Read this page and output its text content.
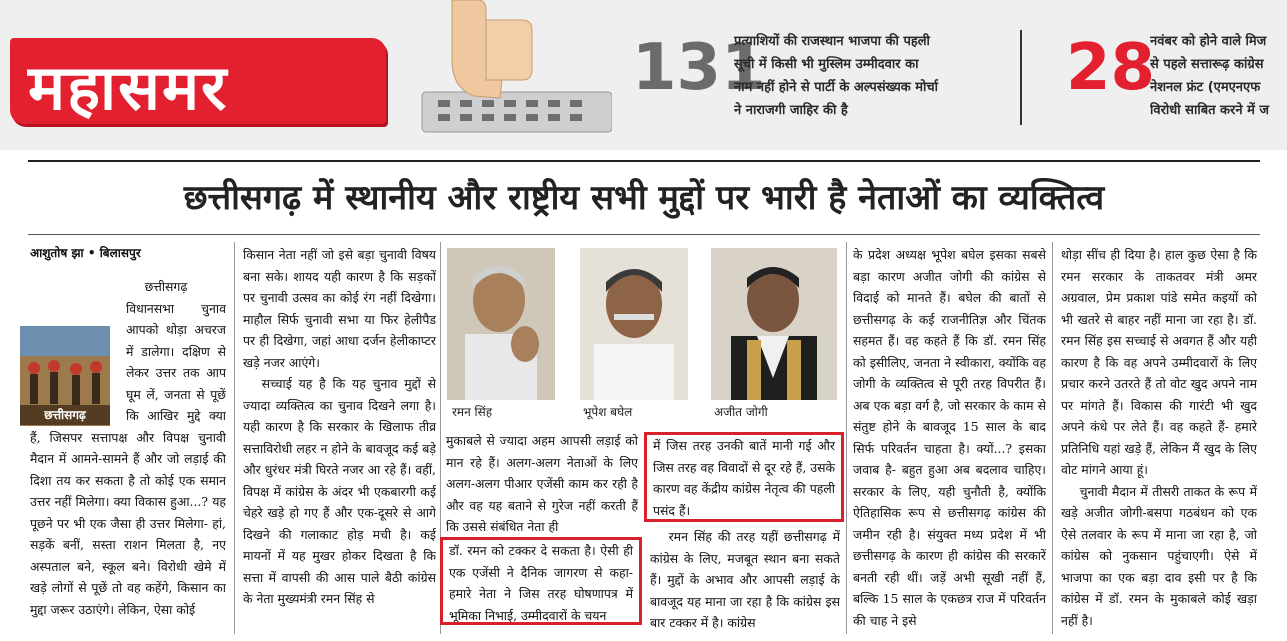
महासमर	131
प्रत्याशियों की राजस्थान भाजपा की पहली
सूची में किसी भी मुस्लिम उम्मीदवार का
नाम नहीं होने से पार्टी के अल्पसंख्यक मोर्चा
ने नाराजगी जाहिर की है
28
नवंबर को होने वाले मिज
से पहले सत्तारूढ़ कांग्रेस
नेशनल फ्रंट (एमएनएफ
विरोधी साबित करने में ज
छत्तीसगढ़ में स्थानीय और राष्ट्रीय सभी मुद्दों पर भारी है नेताओं का व्यक्तित्व
आशुतोष झा • बिलासपुर

छत्तीसगढ़ विधानसभा चुनाव आपको थोड़ा अचरज में डालेगा। दक्षिण से लेकर उत्तर तक आप घूम लें, जनता से पूछें कि आखिर मुद्दे क्या हैं, जिसपर सत्तापक्ष और विपक्ष चुनावी मैदान में आमने-सामने हैं और जो लड़ाई की दिशा तय कर सकता है तो कोई एक समान उत्तर नहीं मिलेगा। क्या विकास हुआ...? यह पूछने पर भी एक जैसा ही उत्तर मिलेगा- हां, सड़कें बनीं, सस्ता राशन मिलता है, नए अस्पताल बने, स्कूल बने। विरोधी खेमे में खड़े लोगों से पूछें तो वह कहेंगे, किसान का मुद्दा जरूर उठाएंगे। लेकिन, ऐसा कोई

छत्तीसगढ़

किसान नेता नहीं जो इसे बड़ा चुनावी विषय बना सके। शायद यही कारण है कि सड़कों पर चुनावी उत्सव का कोई रंग नहीं दिखेगा। माहौल सिर्फ चुनावी सभा या फिर हेलीपैड पर ही दिखेगा, जहां आधा दर्जन हेलीकाप्टर खड़े नजर आएंगे।

सच्चाई यह है कि यह चुनाव मुद्दों से ज्यादा व्यक्तित्व का चुनाव दिखने लगा है। यही कारण है कि सरकार के खिलाफ तीव्र सत्ताविरोधी लहर न होने के बावजूद कई बड़े और धुरंधर मंत्री घिरते नजर आ रहे हैं। वहीं, विपक्ष में कांग्रेस के अंदर भी एकबारगी कई चेहरे खड़े हो गए हैं और एक-दूसरे से आगे दिखने की गलाकाट होड़ मची है। कई मायनों में यह मुखर होकर दिखता है कि सत्ता में वापसी की आस पाले बैठी कांग्रेस के नेता मुख्यमंत्री रमन सिंह से

रमन सिंह	भूपेश बघेल	अजीत जोगी

मुकाबले से ज्यादा अहम आपसी लड़ाई को मान रहे हैं। अलग-अलग नेताओं के लिए अलग-अलग पीआर एजेंसी काम कर रही है और वह यह बताने से गुरेज नहीं करती हैं कि उससे संबंधित नेता ही

डॉ. रमन को टक्कर दे सकता है। ऐसी ही एक एजेंसी ने दैनिक जागरण से कहा- हमारे नेता ने जिस तरह घोषणापत्र में भूमिका निभाई, उम्मीदवारों के चयन
में जिस तरह उनकी बातें मानी गई और जिस तरह वह विवादों से दूर रहे हैं, उसके कारण वह केंद्रीय कांग्रेस नेतृत्व की पहली पसंद हैं।

रमन सिंह की तरह यहीं छत्तीसगढ़ में कांग्रेस के लिए, मजबूत स्थान बना सकते हैं। मुद्दों के अभाव और आपसी लड़ाई के बावजूद यह माना जा रहा है कि कांग्रेस इस बार टक्कर में है। कांग्रेस

के प्रदेश अध्यक्ष भूपेश बघेल इसका सबसे बड़ा कारण अजीत जोगी की कांग्रेस से विदाई को मानते हैं। बघेल की बातों से छत्तीसगढ़ के कई राजनीतिज्ञ और चिंतक सहमत हैं। वह कहते हैं कि डॉ. रमन सिंह को इसीलिए, जनता ने स्वीकारा, क्योंकि वह जोगी के व्यक्तित्व से पूरी तरह विपरीत हैं। अब एक बड़ा वर्ग है, जो सरकार के काम से संतुष्ट होने के बावजूद 15 साल के बाद सिर्फ परिवर्तन चाहता है। क्यों...? इसका जवाब है- बहुत हुआ अब बदलाव चाहिए। सरकार के लिए, यही चुनौती है, क्योंकि ऐतिहासिक रूप से छत्तीसगढ़ कांग्रेस की जमीन रही है। संयुक्त मध्य प्रदेश में भी छत्तीसगढ़ के कारण ही कांग्रेस की सरकारें बनती रही थीं। जड़ें अभी सूखी नहीं हैं, बल्कि 15 साल के एकछत्र राज में परिवर्तन की चाह ने इसे

थोड़ा सींच ही दिया है। हाल कुछ ऐसा है कि रमन सरकार के ताकतवर मंत्री अमर अग्रवाल, प्रेम प्रकाश पांडे समेत कइयों को भी खतरे से बाहर नहीं माना जा रहा है। डॉ. रमन सिंह इस सच्चाई से अवगत हैं और यही कारण है कि वह अपने उम्मीदवारों के लिए प्रचार करने उतरते हैं तो वोट खुद अपने नाम पर मांगते हैं। विकास की गारंटी भी खुद अपने कंधे पर लेते हैं। वह कहते हैं- हमारे प्रतिनिधि यहां खड़े हैं, लेकिन मैं खुद के लिए वोट मांगने आया हूं।

चुनावी मैदान में तीसरी ताकत के रूप में खड़े अजीत जोगी-बसपा गठबंधन को एक ऐसे तलवार के रूप में माना जा रहा है, जो कांग्रेस को नुकसान पहुंचाएगी। ऐसे में भाजपा का एक बड़ा दाव इसी पर है कि कांग्रेस में डॉ. रमन के मुकाबले कोई खड़ा नहीं है।
